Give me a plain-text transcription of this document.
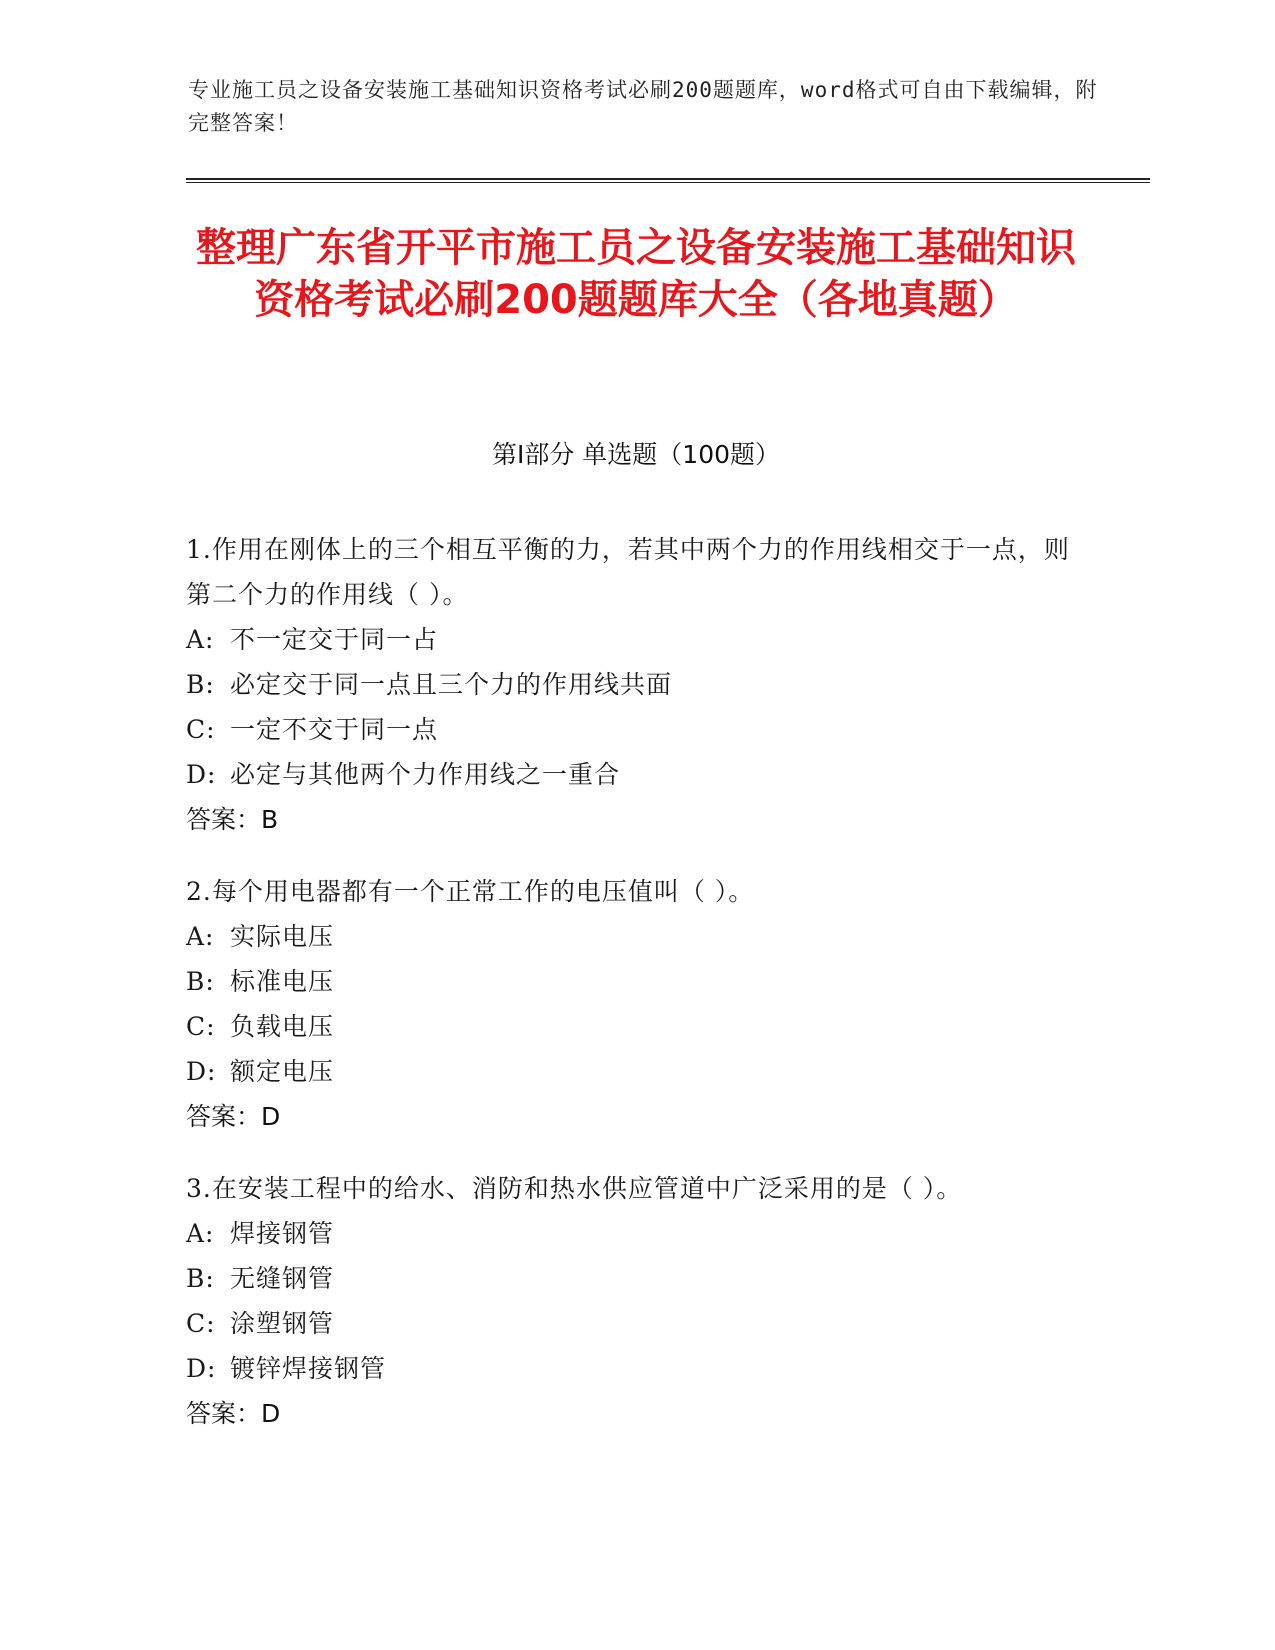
专业施工员之设备安装施工基础知识资格考试必刷200题题库，word格式可自由下载编辑，附完整答案！
整理广东省开平市施工员之设备安装施工基础知识资格考试必刷200题题库大全（各地真题）
第Ⅰ部分 单选题（100题）
1.作用在刚体上的三个相互平衡的力，若其中两个力的作用线相交于一点，则第二个力的作用线（ ）。
A: 不一定交于同一占
B: 必定交于同一点且三个力的作用线共面
C: 一定不交于同一点
D: 必定与其他两个力作用线之一重合
答案：B
2.每个用电器都有一个正常工作的电压值叫（ ）。
A: 实际电压
B: 标准电压
C: 负载电压
D: 额定电压
答案：D
3.在安装工程中的给水、消防和热水供应管道中广泛采用的是（ ）。
A: 焊接钢管
B: 无缝钢管
C: 涂塑钢管
D: 镀锌焊接钢管
答案：D
